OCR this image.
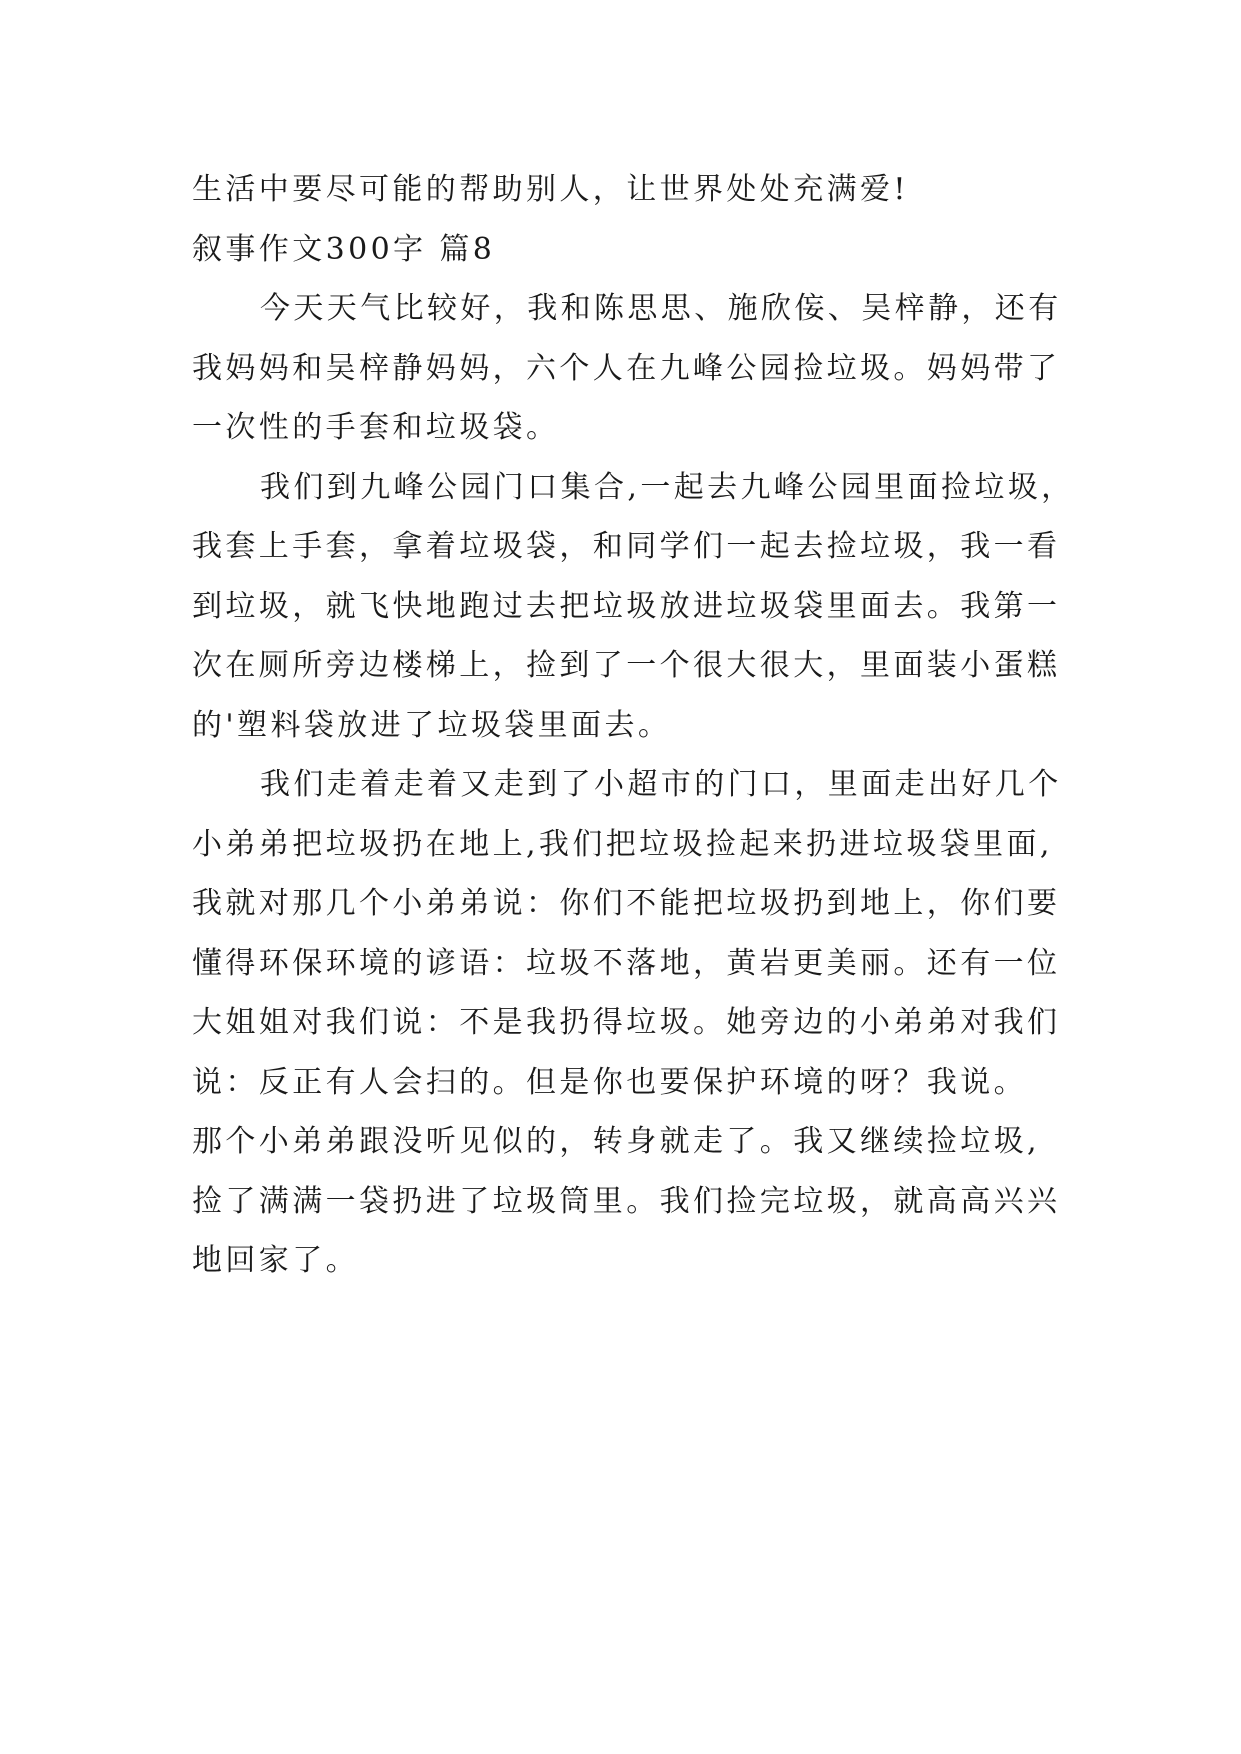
生活中要尽可能的帮助别人，让世界处处充满爱!
叙事作文300字 篇8
今天天气比较好，我和陈思思、施欣侫、吴梓静，还有
我妈妈和吴梓静妈妈，六个人在九峰公园捡垃圾。妈妈带了
一次性的手套和垃圾袋。
我们到九峰公园门口集合,一起去九峰公园里面捡垃圾，
我套上手套，拿着垃圾袋，和同学们一起去捡垃圾，我一看
到垃圾，就飞快地跑过去把垃圾放进垃圾袋里面去。我第一
次在厕所旁边楼梯上，捡到了一个很大很大，里面装小蛋糕
的'塑料袋放进了垃圾袋里面去。
我们走着走着又走到了小超市的门口，里面走出好几个
小弟弟把垃圾扔在地上,我们把垃圾捡起来扔进垃圾袋里面,
我就对那几个小弟弟说：你们不能把垃圾扔到地上，你们要
懂得环保环境的谚语：垃圾不落地，黄岩更美丽。还有一位
大姐姐对我们说：不是我扔得垃圾。她旁边的小弟弟对我们
说：反正有人会扫的。但是你也要保护环境的呀？我说。
那个小弟弟跟没听见似的，转身就走了。我又继续捡垃圾,
捡了满满一袋扔进了垃圾筒里。我们捡完垃圾，就高高兴兴
地回家了。
